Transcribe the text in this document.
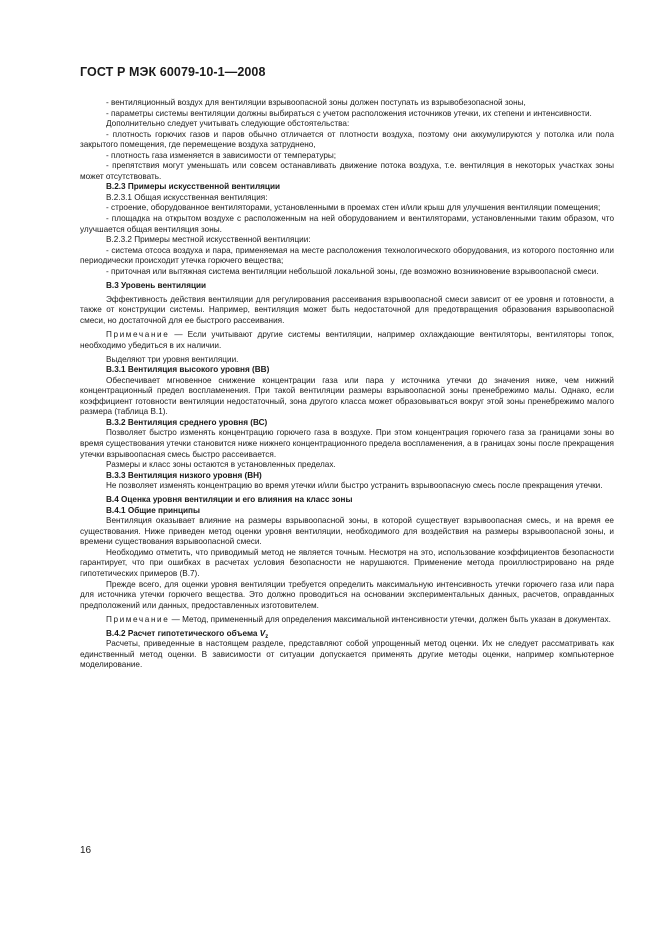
ГОСТ Р МЭК 60079-10-1—2008

- вентиляционный воздух для вентиляции взрывоопасной зоны должен поступать из взрывобезопасной зоны,

- параметры системы вентиляции должны выбираться с учетом расположения источников утечки, их степени и интенсивности.

Дополнительно следует учитывать следующие обстоятельства:

- плотность горючих газов и паров обычно отличается от плотности воздуха, поэтому они аккумулируются у потолка или пола закрытого помещения, где перемещение воздуха затруднено,

- плотность газа изменяется в зависимости от температуры;

- препятствия могут уменьшать или совсем останавливать движение потока воздуха, т.е. вентиляция в некоторых участках зоны может отсутствовать.

В.2.3 Примеры искусственной вентиляции

В.2.3.1 Общая искусственная вентиляция:

- строение, оборудованное вентиляторами, установленными в проемах стен и/или крыш для улучшения вентиляции помещения;

- площадка на открытом воздухе с расположенным на ней оборудованием и вентиляторами, установленными таким образом, что улучшается общая вентиляция зоны.

В.2.3.2 Примеры местной искусственной вентиляции:

- система отсоса воздуха и пара, применяемая на месте расположения технологического оборудования, из которого постоянно или периодически происходит утечка горючего вещества;

- приточная или вытяжная система вентиляции небольшой локальной зоны, где возможно возникновение взрывоопасной смеси.

В.3 Уровень вентиляции

Эффективность действия вентиляции для регулирования рассеивания взрывоопасной смеси зависит от ее уровня и готовности, а также от конструкции системы. Например, вентиляция может быть недостаточной для предотвращения образования взрывоопасной смеси, но достаточной для ее быстрого рассеивания.

Примечание — Если учитывают другие системы вентиляции, например охлаждающие вентиляторы, вентиляторы топок, необходимо убедиться в их наличии.

Выделяют три уровня вентиляции.

В.3.1 Вентиляция высокого уровня (ВВ)

Обеспечивает мгновенное снижение концентрации газа или пара у источника утечки до значения ниже, чем нижний концентрационный предел воспламенения. При такой вентиляции размеры взрывоопасной зоны пренебрежимо малы. Однако, если коэффициент готовности вентиляции недостаточный, зона другого класса может образовываться вокруг этой зоны пренебрежимо малого размера (таблица В.1).

В.3.2 Вентиляция среднего уровня (ВС)

Позволяет быстро изменять концентрацию горючего газа в воздухе. При этом концентрация горючего газа за границами зоны во время существования утечки становится ниже нижнего концентрационного предела воспламенения, а в границах зоны после прекращения утечки взрывоопасная смесь быстро рассеивается.

Размеры и класс зоны остаются в установленных пределах.

В.3.3 Вентиляция низкого уровня (ВН)

Не позволяет изменять концентрацию во время утечки и/или быстро устранить взрывоопасную смесь после прекращения утечки.

В.4 Оценка уровня вентиляции и его влияния на класс зоны
В.4.1 Общие принципы

Вентиляция оказывает влияние на размеры взрывоопасной зоны, в которой существует взрывоопасная смесь, и на время ее существования. Ниже приведен метод оценки уровня вентиляции, необходимого для воздействия на размеры взрывоопасной зоны, и времени существования взрывоопасной смеси.

Необходимо отметить, что приводимый метод не является точным. Несмотря на это, использование коэффициентов безопасности гарантирует, что при ошибках в расчетах условия безопасности не нарушаются. Применение метода проиллюстрировано на ряде гипотетических примеров (В.7).

Прежде всего, для оценки уровня вентиляции требуется определить максимальную интенсивность утечки горючего газа или пара для источника утечки горючего вещества. Это должно проводиться на основании экспериментальных данных, расчетов, оправданных предположений или данных, предоставленных изготовителем.

Примечание — Метод, примененный для определения максимальной интенсивности утечки, должен быть указан в документах.

В.4.2 Расчет гипотетического объема $V_z$

Расчеты, приведенные в настоящем разделе, представляют собой упрощенный метод оценки. Их не следует рассматривать как единственный метод оценки. В зависимости от ситуации допускается применять другие методы оценки, например компьютерное моделирование.

16
